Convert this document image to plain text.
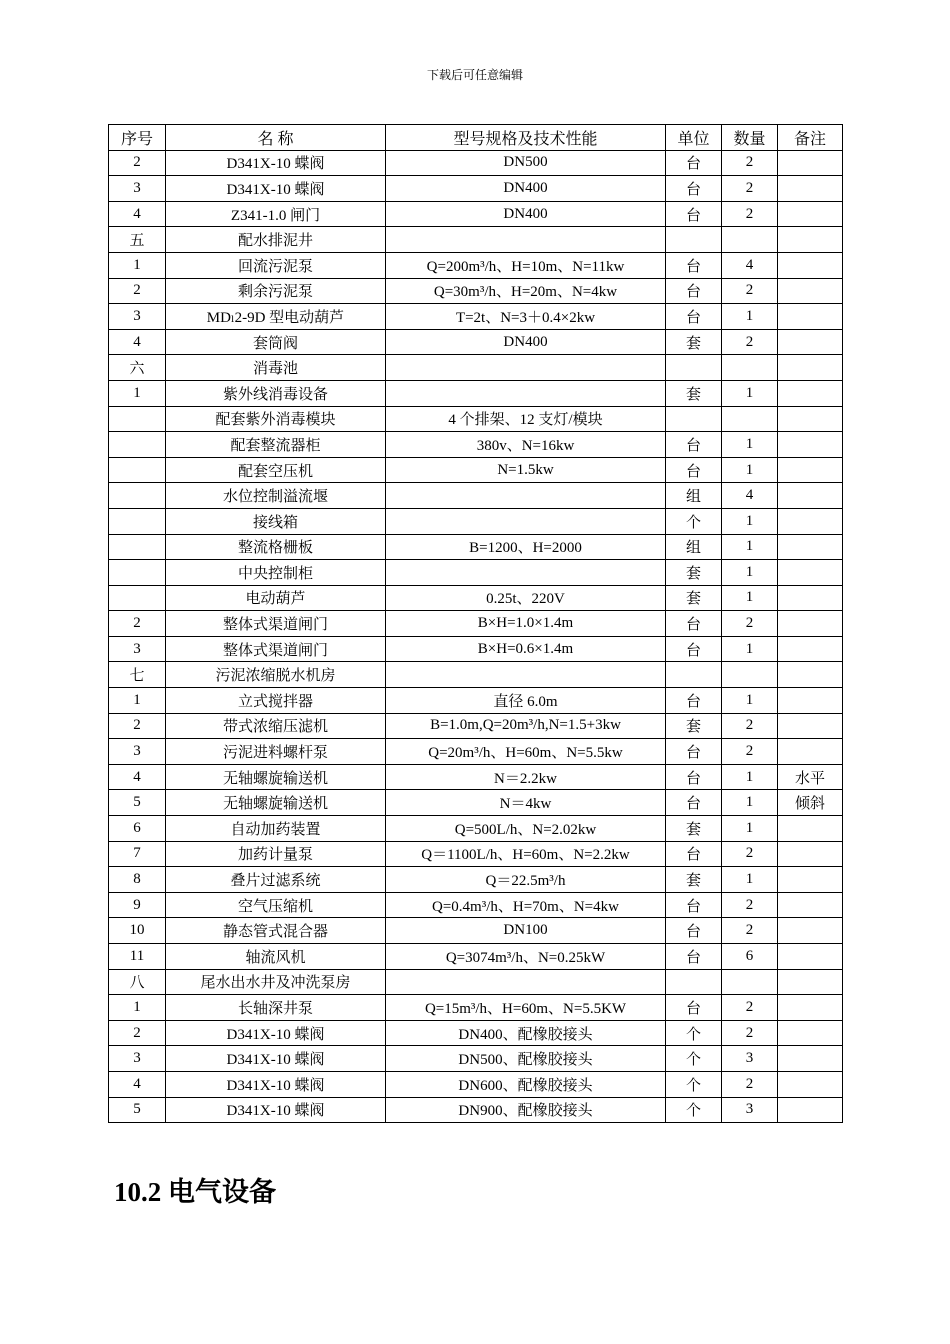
下载后可任意编辑
序号	名 称	型号规格及技术性能	单位	数量	备注
2	D341X-10 蝶阀	DN500	台	2	
3	D341X-10 蝶阀	DN400	台	2	
4	Z341-1.0 闸门	DN400	台	2	
五	配水排泥井				
1	回流污泥泵	Q=200m³/h、H=10m、N=11kw	台	4	
2	剩余污泥泵	Q=30m³/h、H=20m、N=4kw	台	2	
3	MDₗ2-9D 型电动葫芦	T=2t、N=3＋0.4×2kw	台	1	
4	套筒阀	DN400	套	2	
六	消毒池				
1	紫外线消毒设备		套	1	
	配套紫外消毒模块	4 个排架、12 支灯/模块			
	配套整流器柜	380v、N=16kw	台	1	
	配套空压机	N=1.5kw	台	1	
	水位控制溢流堰		组	4	
	接线箱		个	1	
	整流格栅板	B=1200、H=2000	组	1	
	中央控制柜		套	1	
	电动葫芦	0.25t、220V	套	1	
2	整体式渠道闸门	B×H=1.0×1.4m	台	2	
3	整体式渠道闸门	B×H=0.6×1.4m	台	1	
七	污泥浓缩脱水机房				
1	立式搅拌器	直径 6.0m	台	1	
2	带式浓缩压滤机	B=1.0m,Q=20m³/h,N=1.5+3kw	套	2	
3	污泥进料螺杆泵	Q=20m³/h、H=60m、N=5.5kw	台	2	
4	无轴螺旋输送机	N＝2.2kw	台	1	水平
5	无轴螺旋输送机	N＝4kw	台	1	倾斜
6	自动加药装置	Q=500L/h、N=2.02kw	套	1	
7	加药计量泵	Q＝1100L/h、H=60m、N=2.2kw	台	2	
8	叠片过滤系统	Q＝22.5m³/h	套	1	
9	空气压缩机	Q=0.4m³/h、H=70m、N=4kw	台	2	
10	静态管式混合器	DN100	台	2	
11	轴流风机	Q=3074m³/h、N=0.25kW	台	6	
八	尾水出水井及冲洗泵房				
1	长轴深井泵	Q=15m³/h、H=60m、N=5.5KW	台	2	
2	D341X-10 蝶阀	DN400、配橡胶接头	个	2	
3	D341X-10 蝶阀	DN500、配橡胶接头	个	3	
4	D341X-10 蝶阀	DN600、配橡胶接头	个	2	
5	D341X-10 蝶阀	DN900、配橡胶接头	个	3	
10.2 电气设备
